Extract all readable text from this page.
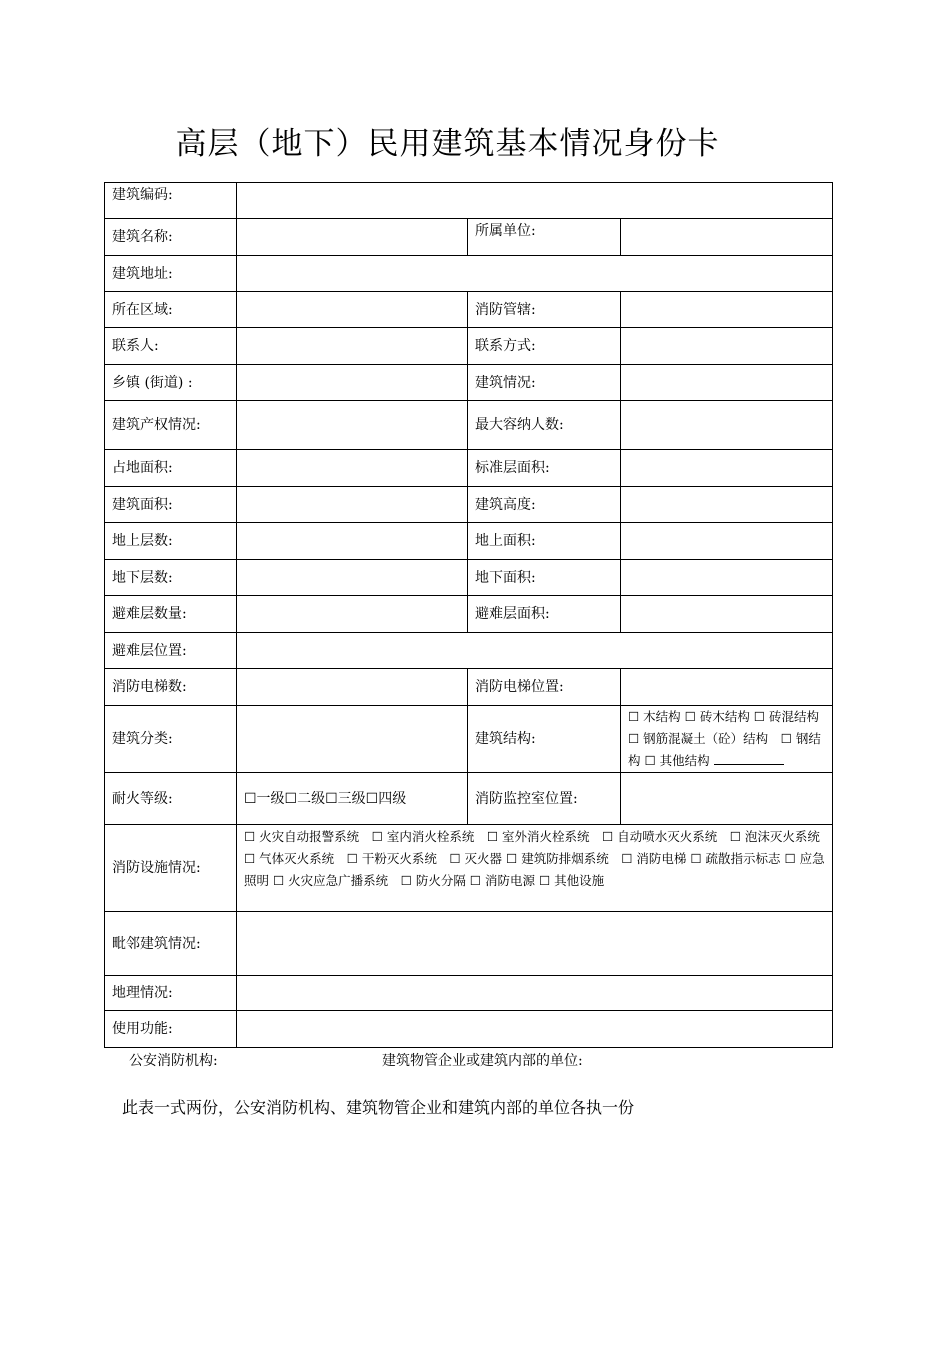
高层（地下）民用建筑基本情况身份卡
建筑编码:			
建筑名称:		所属单位:	
建筑地址:			
所在区域:		消防管辖:	
联系人:		联系方式:	
乡镇 (街道) :		建筑情况:	
建筑产权情况:		最大容纳人数:	
占地面积:		标准层面积:	
建筑面积:		建筑高度:	
地上层数:		地上面积:	
地下层数:		地下面积:	
避难层数量:		避难层面积:	
避难层位置:			
消防电梯数:		消防电梯位置:	
建筑分类:		建筑结构:	☐ 木结构 ☐ 砖木结构 ☐ 砖混结构 ☐ 钢筋混凝土（砼）结构　☐ 钢结构 ☐ 其他结构
耐火等级:	☐一级☐二级☐三级☐四级	消防监控室位置:	
消防设施情况:	☐ 火灾自动报警系统　☐ 室内消火栓系统　☐ 室外消火栓系统　☐ 自动喷水灭火系统　☐ 泡沫灭火系统 ☐ 气体灭火系统　☐ 干粉灭火系统　☐ 灭火器 ☐ 建筑防排烟系统　☐ 消防电梯 ☐ 疏散指示标志 ☐ 应急照明 ☐ 火灾应急广播系统　☐ 防火分隔 ☐ 消防电源 ☐ 其他设施		
毗邻建筑情况:			
地理情况:			
使用功能:			
公安消防机构:	建筑物管企业或建筑内部的单位:
此表一式两份，公安消防机构、建筑物管企业和建筑内部的单位各执一份
